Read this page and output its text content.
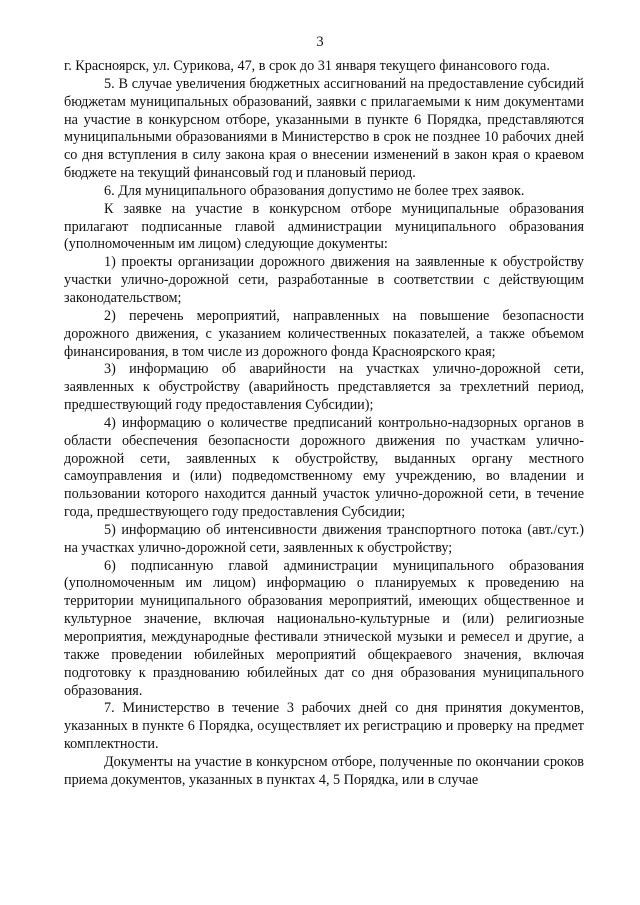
3

г. Красноярск, ул. Сурикова, 47, в срок до 31 января текущего финансового года.

5. В случае увеличения бюджетных ассигнований на предоставление субсидий бюджетам муниципальных образований, заявки с прилагаемыми к ним документами на участие в конкурсном отборе, указанными в пункте 6 Порядка, представляются муниципальными образованиями в Министерство в срок не позднее 10 рабочих дней со дня вступления в силу закона края о внесении изменений в закон края о краевом бюджете на текущий финансовый год и плановый период.

6. Для муниципального образования допустимо не более трех заявок.

К заявке на участие в конкурсном отборе муниципальные образования прилагают подписанные главой администрации муниципального образования (уполномоченным им лицом) следующие документы:

1) проекты организации дорожного движения на заявленные к обустройству участки улично-дорожной сети, разработанные в соответствии с действующим законодательством;

2) перечень мероприятий, направленных на повышение безопасности дорожного движения, с указанием количественных показателей, а также объемом финансирования, в том числе из дорожного фонда Красноярского края;

3) информацию об аварийности на участках улично-дорожной сети, заявленных к обустройству (аварийность представляется за трехлетний период, предшествующий году предоставления Субсидии);

4) информацию о количестве предписаний контрольно-надзорных органов в области обеспечения безопасности дорожного движения по участкам улично-дорожной сети, заявленных к обустройству, выданных органу местного самоуправления и (или) подведомственному ему учреждению, во владении и пользовании которого находится данный участок улично-дорожной сети, в течение года, предшествующего году предоставления Субсидии;

5) информацию об интенсивности движения транспортного потока (авт./сут.) на участках улично-дорожной сети, заявленных к обустройству;

6) подписанную главой администрации муниципального образования (уполномоченным им лицом) информацию о планируемых к проведению на территории муниципального образования мероприятий, имеющих общественное и культурное значение, включая национально-культурные и (или) религиозные мероприятия, международные фестивали этнической музыки и ремесел и другие, а также проведении юбилейных мероприятий общекраевого значения, включая подготовку к празднованию юбилейных дат со дня образования муниципального образования.

7. Министерство в течение 3 рабочих дней со дня принятия документов, указанных в пункте 6 Порядка, осуществляет их регистрацию и проверку на предмет комплектности.

Документы на участие в конкурсном отборе, полученные по окончании сроков приема документов, указанных в пунктах 4, 5 Порядка, или в случае
